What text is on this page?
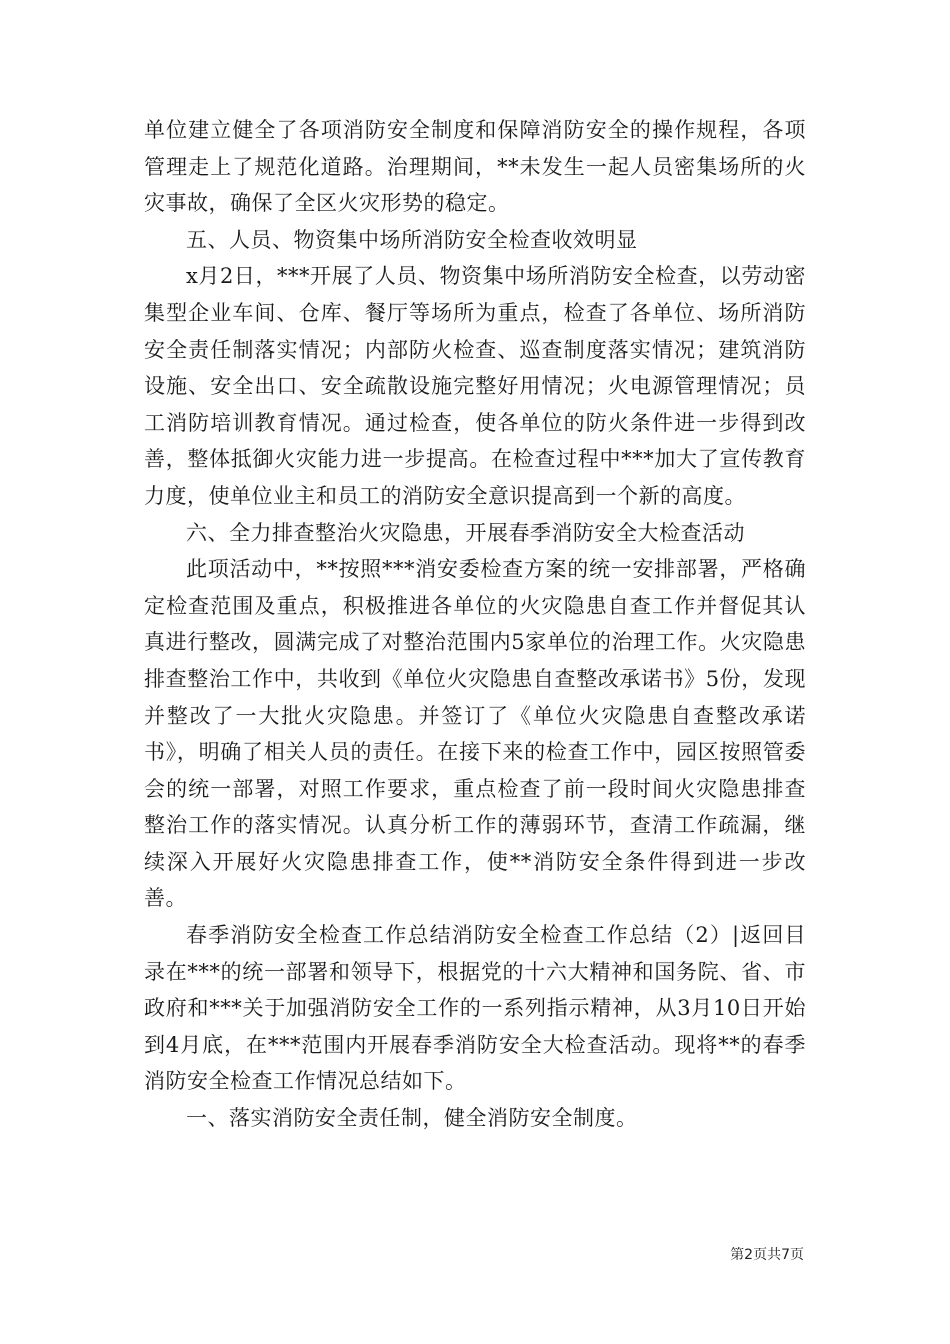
单位建立健全了各项消防安全制度和保障消防安全的操作规程，各项管理走上了规范化道路。治理期间，**未发生一起人员密集场所的火灾事故，确保了全区火灾形势的稳定。

五、人员、物资集中场所消防安全检查收效明显

x月2日，***开展了人员、物资集中场所消防安全检查，以劳动密集型企业车间、仓库、餐厅等场所为重点，检查了各单位、场所消防安全责任制落实情况；内部防火检查、巡查制度落实情况；建筑消防设施、安全出口、安全疏散设施完整好用情况；火电源管理情况；员工消防培训教育情况。通过检查，使各单位的防火条件进一步得到改善，整体抵御火灾能力进一步提高。在检查过程中***加大了宣传教育力度，使单位业主和员工的消防安全意识提高到一个新的高度。

六、全力排查整治火灾隐患，开展春季消防安全大检查活动

此项活动中，**按照***消安委检查方案的统一安排部署，严格确定检查范围及重点，积极推进各单位的火灾隐患自查工作并督促其认真进行整改，圆满完成了对整治范围内5家单位的治理工作。火灾隐患排查整治工作中，共收到《单位火灾隐患自查整改承诺书》5份，发现并整改了一大批火灾隐患。并签订了《单位火灾隐患自查整改承诺书》，明确了相关人员的责任。在接下来的检查工作中，园区按照管委会的统一部署，对照工作要求，重点检查了前一段时间火灾隐患排查整治工作的落实情况。认真分析工作的薄弱环节，查清工作疏漏，继续深入开展好火灾隐患排查工作，使**消防安全条件得到进一步改善。

春季消防安全检查工作总结消防安全检查工作总结（2）|返回目录在***的统一部署和领导下，根据党的十六大精神和国务院、省、市政府和***关于加强消防安全工作的一系列指示精神，从3月10日开始到4月底，在***范围内开展春季消防安全大检查活动。现将**的春季消防安全检查工作情况总结如下。

一、落实消防安全责任制，健全消防安全制度。

第2页共7页
